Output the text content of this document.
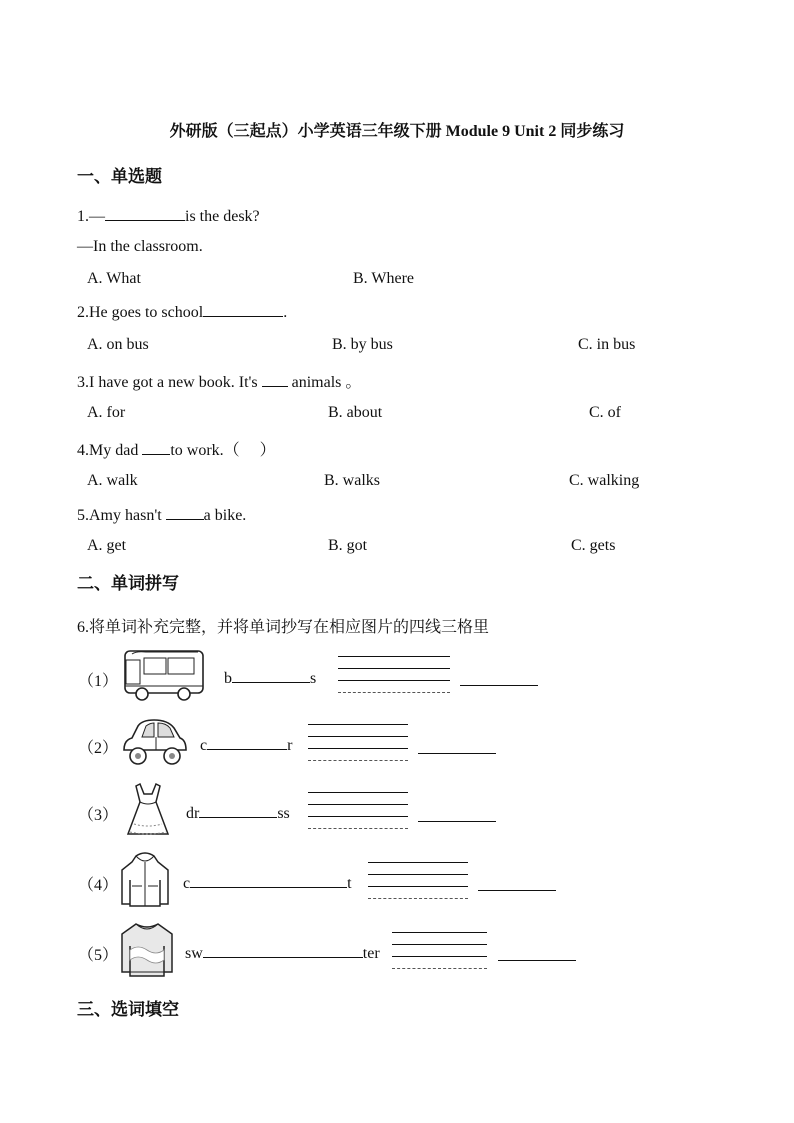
外研版（三起点）小学英语三年级下册 Module 9 Unit 2 同步练习
一、单选题
1.—	is the desk?
—In the classroom.
A. What	B. Where
2.He goes to school	.
A. on bus	B. by bus	C. in bus
3.I have got a new book. It's  animals 。
A. for	B. about	C. of
4.My dad to work.（　 ）
A. walk	B. walks	C. walking
5.Amy hasn't a bike.
A. get	B. got	C. gets
二、单词拼写
6.将单词补充完整，并将单词抄写在相应图片的四线三格里
（1）	b	s
（2）	c	r
（3）	dr	ss
（4）	c	t
（5）	sw	ter
三、选词填空
